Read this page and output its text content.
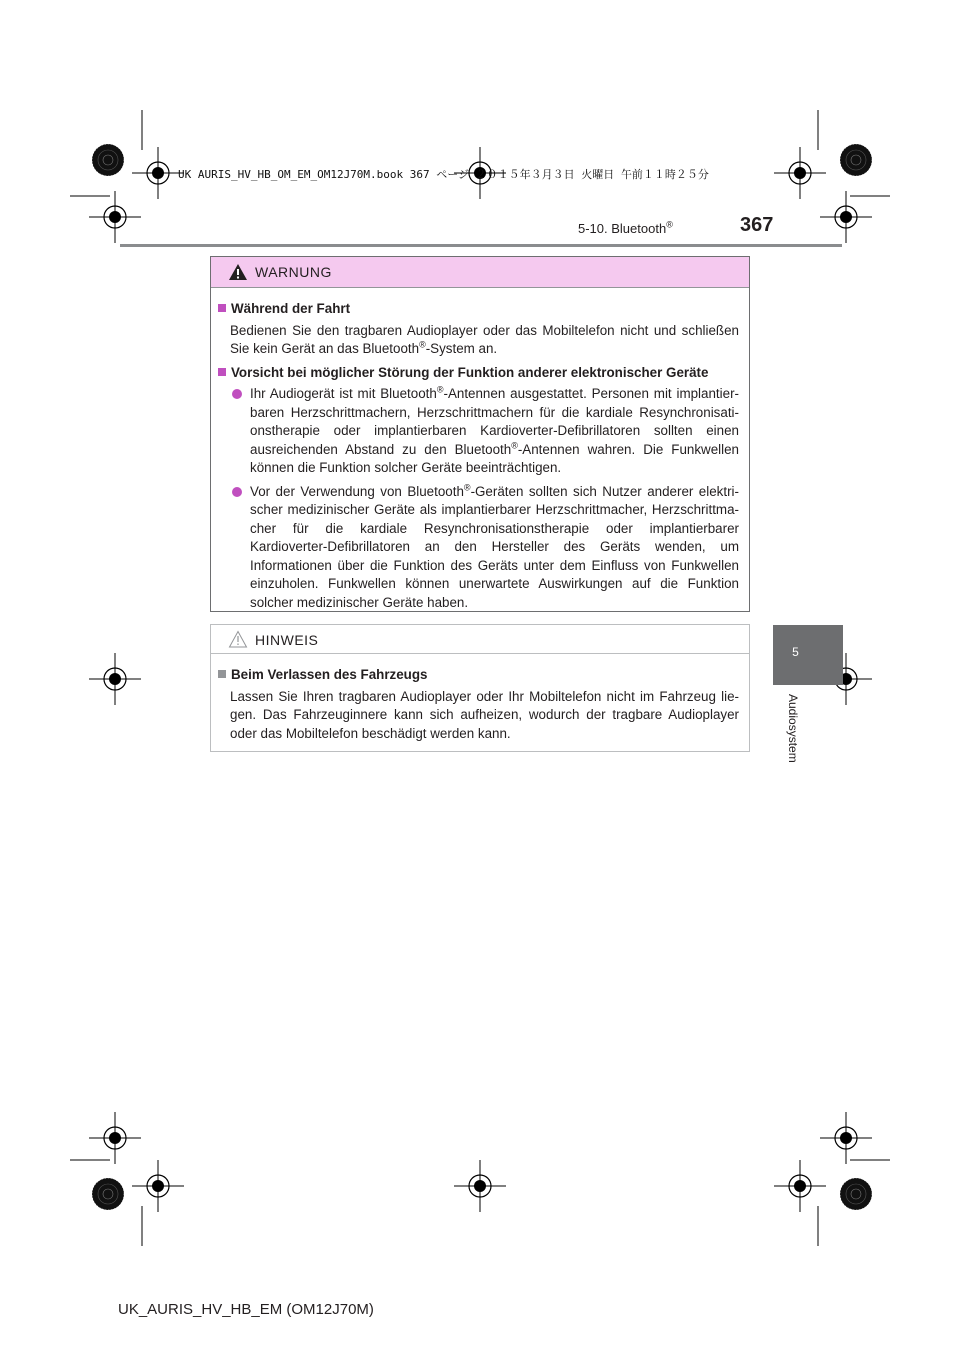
UK AURIS_HV_HB_OM_EM_OM12J70M.book 367 ページ ２０１５年３月３日 火曜日 午前１１時２５分
5-10. Bluetooth®	367
5
Audiosystem
WARNUNG
Während der Fahrt
Bedienen Sie den tragbaren Audioplayer oder das Mobiltelefon nicht und schließen Sie kein Gerät an das Bluetooth®-System an.
Vorsicht bei möglicher Störung der Funktion anderer elektronischer Geräte
Ihr Audiogerät ist mit Bluetooth®-Antennen ausgestattet. Personen mit implantierbaren Herzschrittmachern, Herzschrittmachern für die kardiale Resynchronisationstherapie oder implantierbaren Kardioverter-Defibrillatoren sollten einen ausreichenden Abstand zu den Bluetooth®-Antennen wahren. Die Funkwellen können die Funktion solcher Geräte beeinträchtigen.
Vor der Verwendung von Bluetooth®-Geräten sollten sich Nutzer anderer elektrischer medizinischer Geräte als implantierbarer Herzschrittmacher, Herzschrittmacher für die kardiale Resynchronisationstherapie oder implantierbarer Kardioverter-Defibrillatoren an den Hersteller des Geräts wenden, um Informationen über die Funktion des Geräts unter dem Einfluss von Funkwellen einzuholen. Funkwellen können unerwartete Auswirkungen auf die Funktion solcher medizinischer Geräte haben.
HINWEIS
Beim Verlassen des Fahrzeugs
Lassen Sie Ihren tragbaren Audioplayer oder Ihr Mobiltelefon nicht im Fahrzeug liegen. Das Fahrzeuginnere kann sich aufheizen, wodurch der tragbare Audioplayer oder das Mobiltelefon beschädigt werden kann.
UK_AURIS_HV_HB_EM (OM12J70M)
